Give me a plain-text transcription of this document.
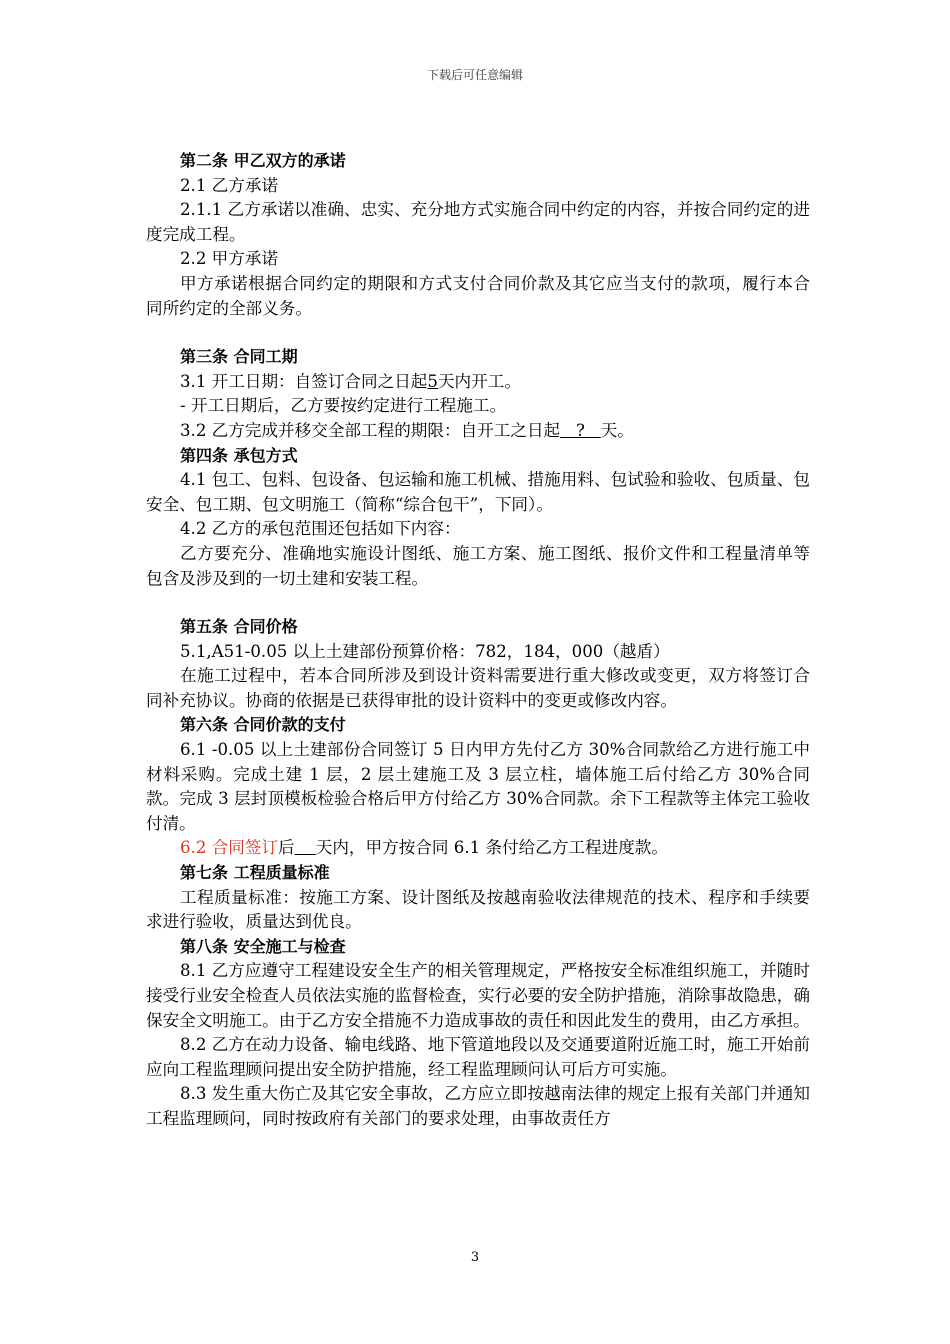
下载后可任意编辑

第二条 甲乙双方的承诺

2.1 乙方承诺

2.1.1 乙方承诺以准确、忠实、充分地方式实施合同中约定的内容，并按合同约定的进度完成工程。

2.2 甲方承诺

甲方承诺根据合同约定的期限和方式支付合同价款及其它应当支付的款项，履行本合同所约定的全部义务。

第三条 合同工期

3.1 开工日期：自签订合同之日起5天内开工。

- 开工日期后，乙方要按约定进行工程施工。

3.2 乙方完成并移交全部工程的期限：自开工之日起   ?   天。

第四条 承包方式

4.1 包工、包料、包设备、包运输和施工机械、措施用料、包试验和验收、包质量、包安全、包工期、包文明施工（简称“综合包干”，下同）。

4.2 乙方的承包范围还包括如下内容：

乙方要充分、准确地实施设计图纸、施工方案、施工图纸、报价文件和工程量清单等包含及涉及到的一切土建和安装工程。

第五条 合同价格

5.1,A51-0.05 以上土建部份预算价格：782，184，000（越盾）

在施工过程中，若本合同所涉及到设计资料需要进行重大修改或变更，双方将签订合同补充协议。协商的依据是已获得审批的设计资料中的变更或修改内容。

第六条 合同价款的支付

6.1 -0.05 以上土建部份合同签订 5 日内甲方先付乙方 30%合同款给乙方进行施工中材料采购。完成土建 1 层，2 层土建施工及 3 层立柱，墙体施工后付给乙方 30%合同款。完成 3 层封顶模板检验合格后甲方付给乙方 30%合同款。余下工程款等主体完工验收付清。

6.2 合同签订后 天内，甲方按合同 6.1 条付给乙方工程进度款。

第七条 工程质量标准

工程质量标准：按施工方案、设计图纸及按越南验收法律规范的技术、程序和手续要求进行验收，质量达到优良。

第八条 安全施工与检查

8.1 乙方应遵守工程建设安全生产的相关管理规定，严格按安全标准组织施工，并随时接受行业安全检查人员依法实施的监督检查，实行必要的安全防护措施，消除事故隐患，确保安全文明施工。由于乙方安全措施不力造成事故的责任和因此发生的费用，由乙方承担。

8.2 乙方在动力设备、输电线路、地下管道地段以及交通要道附近施工时，施工开始前应向工程监理顾问提出安全防护措施，经工程监理顾问认可后方可实施。

8.3 发生重大伤亡及其它安全事故，乙方应立即按越南法律的规定上报有关部门并通知工程监理顾问，同时按政府有关部门的要求处理，由事故责任方

3
